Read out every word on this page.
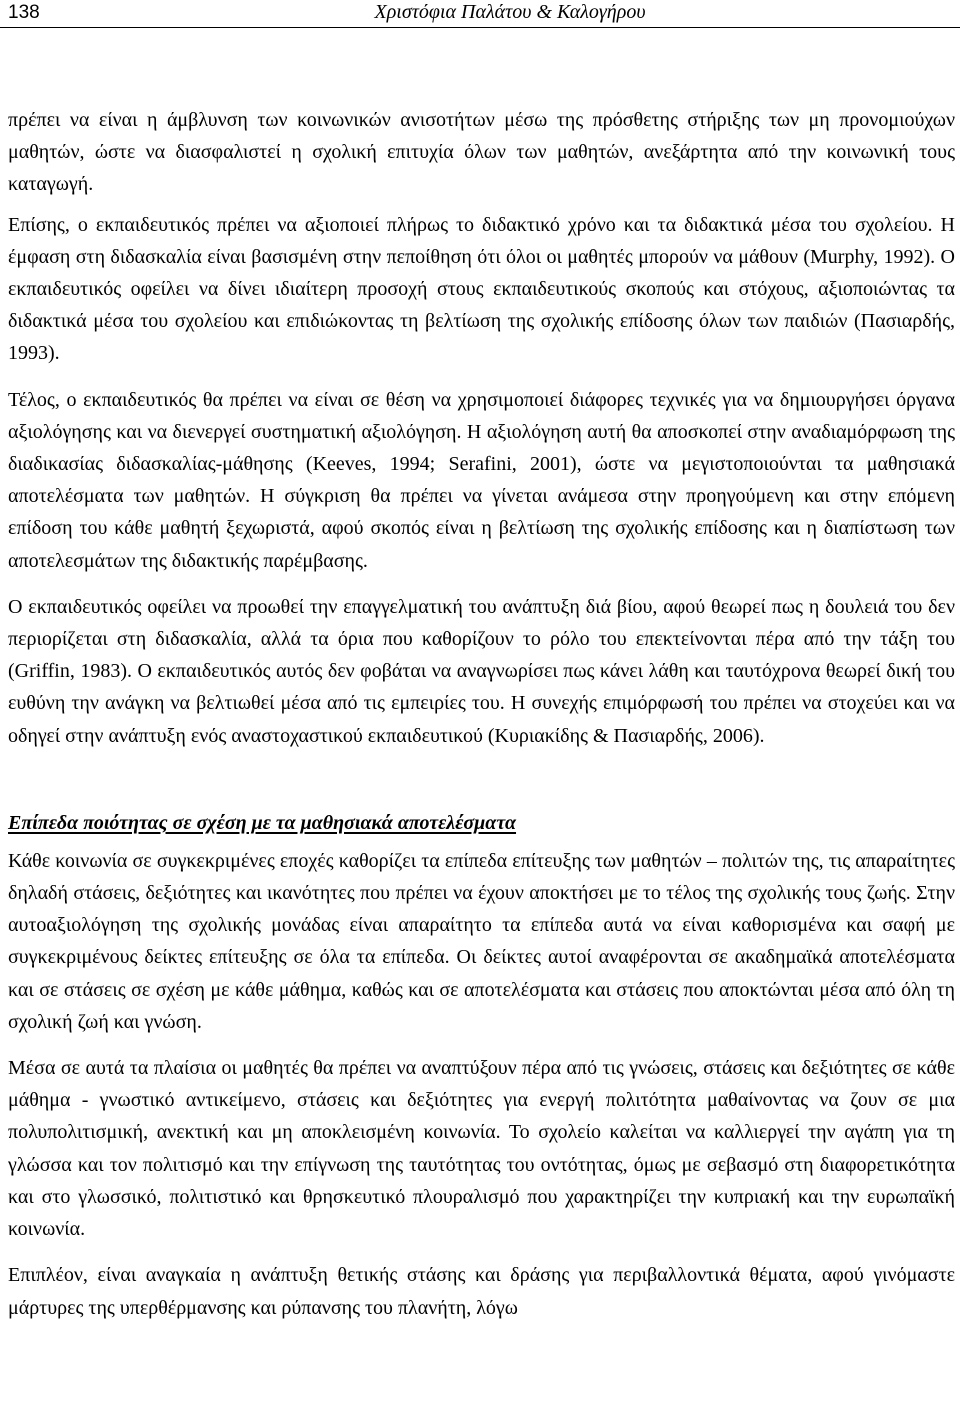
138	Χριστόφια Παλάτου & Καλογήρου

πρέπει να είναι η άμβλυνση των κοινωνικών ανισοτήτων μέσω της πρόσθετης στήριξης των μη προνομιούχων μαθητών, ώστε να διασφαλιστεί η σχολική επιτυχία όλων των μαθητών, ανεξάρτητα από την κοινωνική τους καταγωγή.

Επίσης, ο εκπαιδευτικός πρέπει να αξιοποιεί πλήρως το διδακτικό χρόνο και τα διδακτικά μέσα του σχολείου. Η έμφαση στη διδασκαλία είναι βασισμένη στην πεποίθηση ότι όλοι οι μαθητές μπορούν να μάθουν (Murphy, 1992). Ο εκπαιδευτικός οφείλει να δίνει ιδιαίτερη προσοχή στους εκπαιδευτικούς σκοπούς και στόχους, αξιοποιώντας τα διδακτικά μέσα του σχολείου και επιδιώκοντας τη βελτίωση της σχολικής επίδοσης όλων των παιδιών (Πασιαρδής, 1993).

Τέλος, ο εκπαιδευτικός θα πρέπει να είναι σε θέση να χρησιμοποιεί διάφορες τεχνικές για να δημιουργήσει όργανα αξιολόγησης και να διενεργεί συστηματική αξιολόγηση. Η αξιολόγηση αυτή θα αποσκοπεί στην αναδιαμόρφωση της διαδικασίας διδασκαλίας-μάθησης (Keeves, 1994; Serafini, 2001), ώστε να μεγιστοποιούνται τα μαθησιακά αποτελέσματα των μαθητών. Η σύγκριση θα πρέπει να γίνεται ανάμεσα στην προηγούμενη και στην επόμενη επίδοση του κάθε μαθητή ξεχωριστά, αφού σκοπός είναι η βελτίωση της σχολικής επίδοσης και η διαπίστωση των αποτελεσμάτων της διδακτικής παρέμβασης.

Ο εκπαιδευτικός οφείλει να προωθεί την επαγγελματική του ανάπτυξη διά βίου, αφού θεωρεί πως η δουλειά του δεν περιορίζεται στη διδασκαλία, αλλά τα όρια που καθορίζουν το ρόλο του επεκτείνονται πέρα από την τάξη του (Griffin, 1983). Ο εκπαιδευτικός αυτός δεν φοβάται να αναγνωρίσει πως κάνει λάθη και ταυτόχρονα θεωρεί δική του ευθύνη την ανάγκη να βελτιωθεί μέσα από τις εμπειρίες του. Η συνεχής επιμόρφωσή του πρέπει να στοχεύει και να οδηγεί στην ανάπτυξη ενός αναστοχαστικού εκπαιδευτικού (Κυριακίδης & Πασιαρδής, 2006).

Επίπεδα ποιότητας σε σχέση με τα μαθησιακά αποτελέσματα

Κάθε κοινωνία σε συγκεκριμένες εποχές καθορίζει τα επίπεδα επίτευξης των μαθητών – πολιτών της, τις απαραίτητες δηλαδή στάσεις, δεξιότητες και ικανότητες που πρέπει να έχουν αποκτήσει με το τέλος της σχολικής τους ζωής. Στην αυτοαξιολόγηση της σχολικής μονάδας είναι απαραίτητο τα επίπεδα αυτά να είναι καθορισμένα και σαφή με συγκεκριμένους δείκτες επίτευξης σε όλα τα επίπεδα. Οι δείκτες αυτοί αναφέρονται σε ακαδημαϊκά αποτελέσματα και σε στάσεις σε σχέση με κάθε μάθημα, καθώς και σε αποτελέσματα και στάσεις που αποκτώνται μέσα από όλη τη σχολική ζωή και γνώση.

Μέσα σε αυτά τα πλαίσια οι μαθητές θα πρέπει να αναπτύξουν πέρα από τις γνώσεις, στάσεις και δεξιότητες σε κάθε μάθημα - γνωστικό αντικείμενο, στάσεις και δεξιότητες για ενεργή πολιτότητα μαθαίνοντας να ζουν σε μια πολυπολιτισμική, ανεκτική και μη αποκλεισμένη κοινωνία. Το σχολείο καλείται να καλλιεργεί την αγάπη για τη γλώσσα και τον πολιτισμό και την επίγνωση της ταυτότητας του οντότητας, όμως με σεβασμό στη διαφορετικότητα και στο γλωσσικό, πολιτιστικό και θρησκευτικό πλουραλισμό που χαρακτηρίζει την κυπριακή και την ευρωπαϊκή κοινωνία.

Επιπλέον, είναι αναγκαία η ανάπτυξη θετικής στάσης και δράσης για περιβαλλοντικά θέματα, αφού γινόμαστε μάρτυρες της υπερθέρμανσης και ρύπανσης του πλανήτη, λόγω
